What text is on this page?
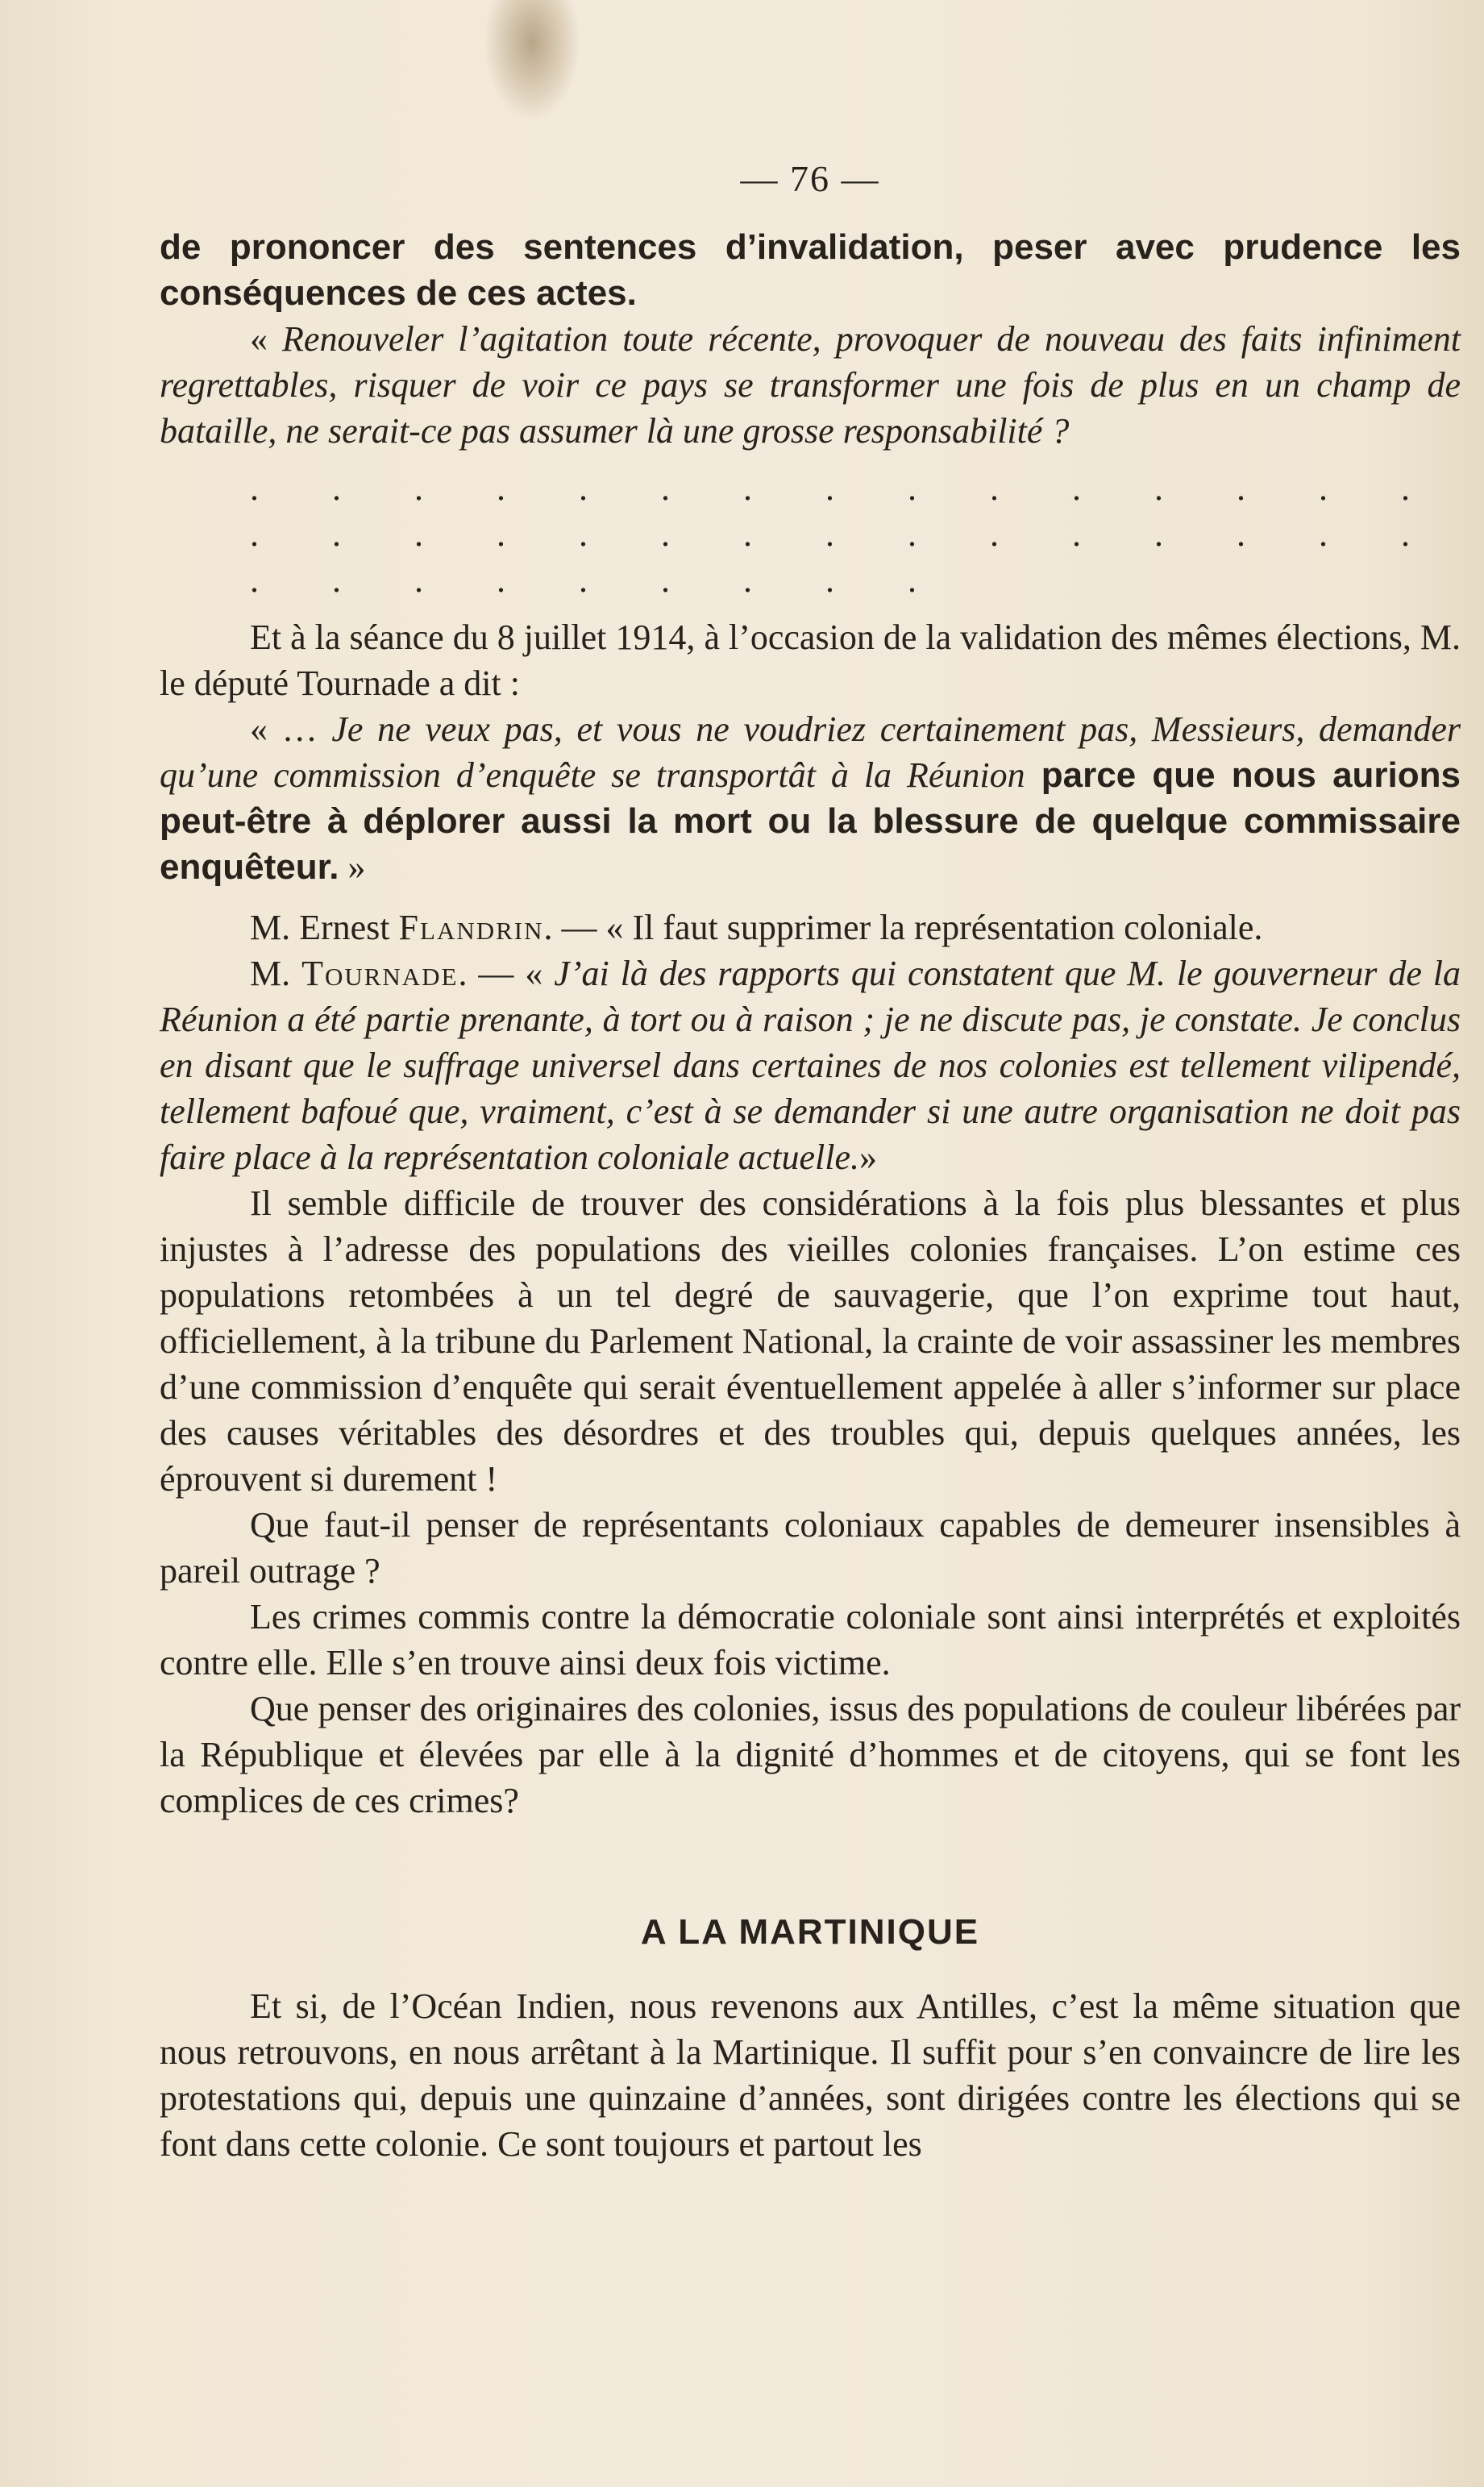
— 76 —

de prononcer des sentences d’invalidation, peser avec prudence les conséquences de ces actes.

« Renouveler l’agitation toute récente, provoquer de nouveau des faits infiniment regrettables, risquer de voir ce pays se transformer une fois de plus en un champ de bataille, ne serait-ce pas assumer là une grosse responsabilité ?

. . . . . . . . . . . . . . . . . . . . . . . . . . . . . . . . . . . . . . .

Et à la séance du 8 juillet 1914, à l’occasion de la validation des mêmes élections, M. le député Tournade a dit :

« … Je ne veux pas, et vous ne voudriez certainement pas, Messieurs, demander qu’une commission d’enquête se transportât à la Réunion parce que nous aurions peut-être à déplorer aussi la mort ou la blessure de quelque commissaire enquêteur. »

M. Ernest Flandrin. — « Il faut supprimer la représentation coloniale.

M. Tournade. — « J’ai là des rapports qui constatent que M. le gouverneur de la Réunion a été partie prenante, à tort ou à raison ; je ne discute pas, je constate. Je conclus en disant que le suffrage universel dans certaines de nos colonies est tellement vilipendé, tellement bafoué que, vraiment, c’est à se demander si une autre organisation ne doit pas faire place à la représentation coloniale actuelle.»

Il semble difficile de trouver des considérations à la fois plus blessantes et plus injustes à l’adresse des populations des vieilles colonies françaises. L’on estime ces populations retombées à un tel degré de sauvagerie, que l’on exprime tout haut, officiellement, à la tribune du Parlement National, la crainte de voir assassiner les membres d’une commission d’enquête qui serait éventuellement appelée à aller s’informer sur place des causes véritables des désordres et des troubles qui, depuis quelques années, les éprouvent si durement !

Que faut-il penser de représentants coloniaux capables de demeurer insensibles à pareil outrage ?

Les crimes commis contre la démocratie coloniale sont ainsi interprétés et exploités contre elle. Elle s’en trouve ainsi deux fois victime.

Que penser des originaires des colonies, issus des populations de couleur libérées par la République et élevées par elle à la dignité d’hommes et de citoyens, qui se font les complices de ces crimes?

A LA MARTINIQUE

Et si, de l’Océan Indien, nous revenons aux Antilles, c’est la même situation que nous retrouvons, en nous arrêtant à la Martinique. Il suffit pour s’en convaincre de lire les protestations qui, depuis une quinzaine d’années, sont dirigées contre les élections qui se font dans cette colonie. Ce sont toujours et partout les
